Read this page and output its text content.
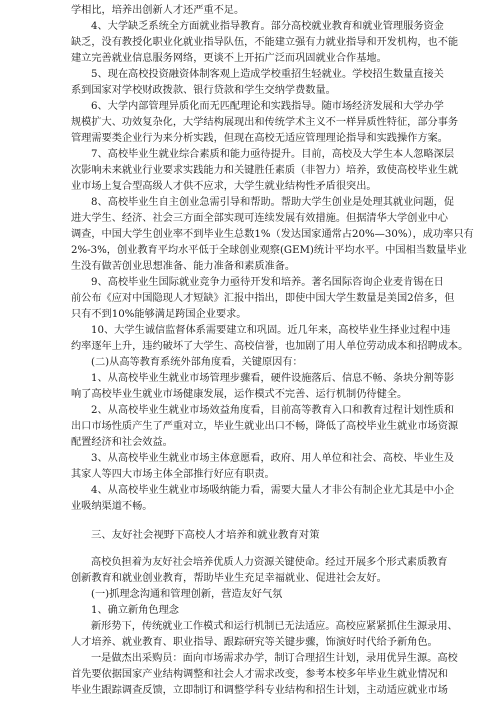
学相比，培养出创新人才还严重不足。
4、大学缺乏系统全方面就业指导教育。部分高校就业教育和就业管理服务资金
缺乏，没有教授化职业化就业指导队伍，不能建立强有力就业指导和开发机构，也不能
建立完善就业信息服务网络，更谈不上开拓广泛而巩固就业合作基地。
5、现在高校投资融资体制客观上造成学校重招生轻就业。学校招生数量直接关
系到国家对学校财政拨款、银行贷款和学生交纳学费数量。
6、大学内部管理异质化而无匹配理论和实践指导。随市场经济发展和大学办学
规模扩大、功效复杂化，大学结构展现出和传统学术主义不一样异质性特征，部分事务
管理需要类企业行为来分析实践，但现在高校无适应管理理论指导和实践操作方案。
7、高校毕业生就业综合素质和能力亟待提升。目前，高校及大学生本人忽略深层
次影响未来就业行业要求实践能力和关键胜任素质（非智力）培养，致使高校毕业生就
业市场上复合型高级人才供不应求，大学生就业结构性矛盾很突出。
8、高校毕业生自主创业急需引导和帮助。帮助大学生创业是处理其就业问题，促
进大学生、经济、社会三方面全部实现可连续发展有效措施。但据清华大学创业中心
调查，中国大学生创业率不到毕业生总数1%（发达国家通常占20%—30%），成功率只有
2%-3%，创业教育平均水平低于全球创业观察(GEM)统计平均水平。中国相当数量毕业
生没有做苦创业思想准备、能力准备和素质准备。
9、高校毕业生国际就业竞争力亟待开发和培养。著名国际咨询企业麦肯锡在日
前公布《应对中国隐现人才短缺》汇报中指出，即使中国大学生数量是美国2倍多，但
只有不到10%能够满足跨国企业要求。
10、大学生诚信监督体系需要建立和巩固。近几年来，高校毕业生择业过程中违
约率逐年上升，违约破坏了大学生、高校信誉，也加剧了用人单位劳动成本和招聘成本。
(二)从高等教育系统外部角度看，关键原因有：
1、从高校毕业生就业市场管理步骤看，硬件设施落后、信息不畅、条块分割等影
响了高校毕业生就业市场健康发展，运作模式不完善、运行机制仍待健全。
2、从高校毕业生就业市场效益角度看，目前高等教育入口和教育过程计划性质和
出口市场性质产生了严重对立，毕业生就业出口不畅，降低了高校毕业生就业市场资源
配置经济和社会效益。
3、从高校毕业生就业市场主体意愿看，政府、用人单位和社会、高校、毕业生及
其家人等四大市场主体全部推行好应有职责。
4、从高校毕业生就业市场吸纳能力看，需要大量人才非公有制企业尤其是中小企
业吸纳渠道不畅。
三、友好社会视野下高校人才培养和就业教育对策
高校负担着为友好社会培养优质人力资源关键使命。经过开展多个形式素质教育
创新教育和就业创业教育，帮助毕业生充足幸福就业、促进社会友好。
(一)抓理念沟通和管理创新，营造友好气氛
1、确立新角色理念
新形势下，传统就业工作模式和运行机制已无法适应。高校应紧紧抓住生源录用、
人才培养、就业教育、职业指导、跟踪研究等关键步骤，饰演好时代给予新角色。
一是做杰出采购员：面向市场需求办学，制订合理招生计划，录用优异生源。高校
首先要依据国家产业结构调整和社会人才需求改变，参考本校多年毕业生就业情况和
毕业生跟踪调查反馈，立即制订和调整学科专业结构和招生计划，主动适应就业市场
